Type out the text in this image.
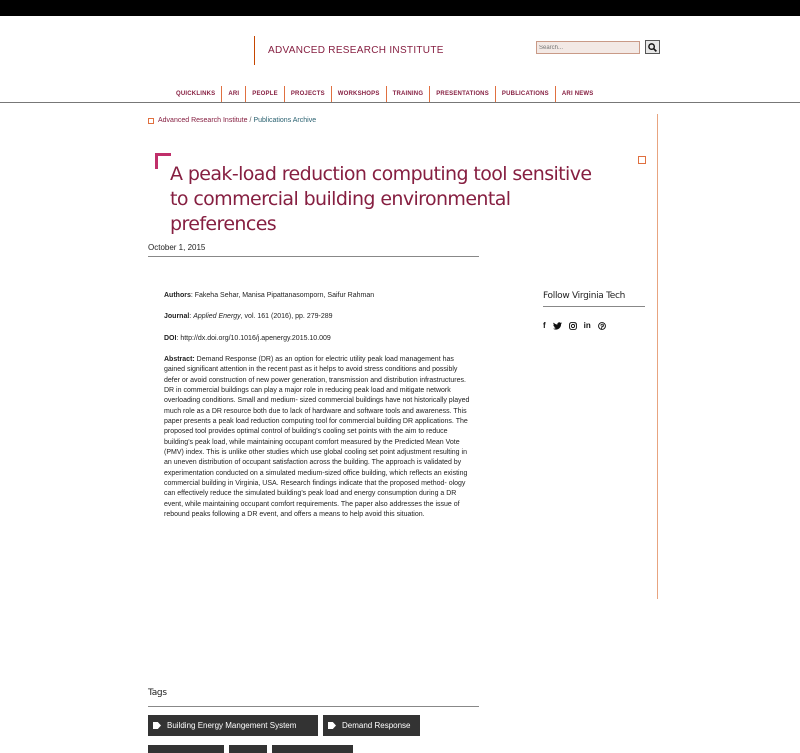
ADVANCED RESEARCH INSTITUTE
Search...
QUICKLINKS	ARI	PEOPLE	PROJECTS	WORKSHOPS	TRAINING	PRESENTATIONS	PUBLICATIONS	ARI NEWS
Advanced Research Institute / Publications Archive
A peak-load reduction computing tool sensitive to commercial building environmental preferences
October 1, 2015

Authors: Fakeha Sehar, Manisa Pipattanasomporn, Saifur Rahman

Journal: Applied Energy, vol. 161 (2016), pp. 279-289

DOI: http://dx.doi.org/10.1016/j.apenergy.2015.10.009

Abstract: Demand Response (DR) as an option for electric utility peak load management has gained significant attention in the recent past as it helps to avoid stress conditions and possibly defer or avoid construction of new power generation, transmission and distribution infrastructures. DR in commercial buildings can play a major role in reducing peak load and mitigate network overloading conditions. Small and medium- sized commercial buildings have not historically played much role as a DR resource both due to lack of hardware and software tools and awareness. This paper presents a peak load reduction computing tool for commercial building DR applications. The proposed tool provides optimal control of building’s cooling set points with the aim to reduce building’s peak load, while maintaining occupant comfort measured by the Predicted Mean Vote (PMV) index. This is unlike other studies which use global cooling set point adjustment resulting in an uneven distribution of occupant satisfaction across the building. The approach is validated by experimentation conducted on a simulated medium-sized office building, which reflects an existing commercial building in Virginia, USA. Research findings indicate that the proposed method- ology can effectively reduce the simulated building’s peak load and energy consumption during a DR event, while maintaining occupant comfort requirements. The paper also addresses the issue of rebound peaks following a DR event, and offers a means to help avoid this situation.

Follow Virginia Tech
f	in
Tags
Building Energy Mangement System	Demand Response
